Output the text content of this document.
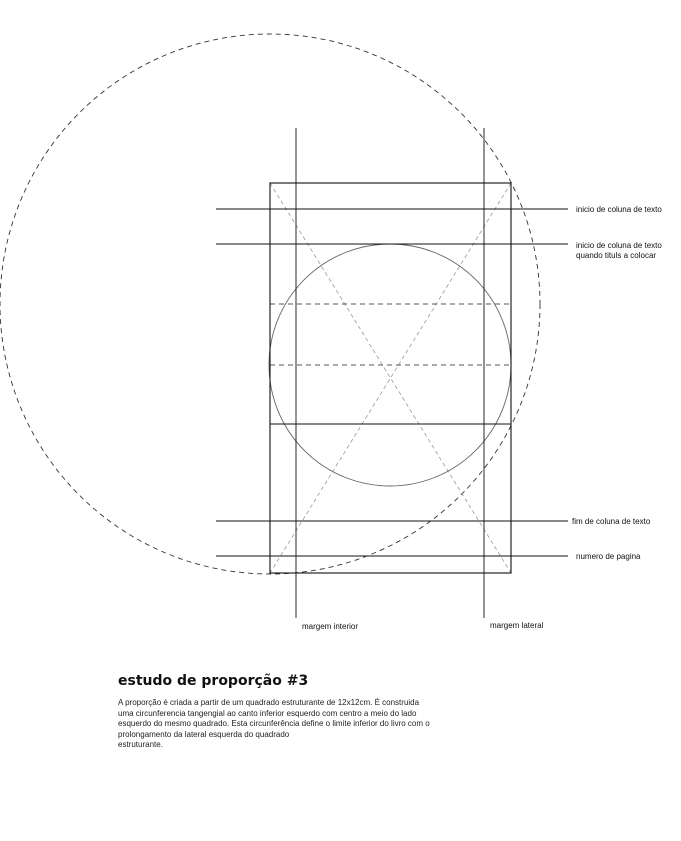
inicio de coluna de texto
inicio de coluna de texto
quando tituls a colocar
fim de coluna de texto
numero de pagina
margem interior	margem lateral
estudo de proporção #3
A proporção é criada a partir de um quadrado estruturante de 12x12cm. É construida
uma circunferencia tangengial ao canto inferior esquerdo com centro a meio do lado
esquerdo do mesmo quadrado. Esta circunferência define o limite inferior do livro com o
prolongamento da lateral esquerda do quadrado
estruturante.
